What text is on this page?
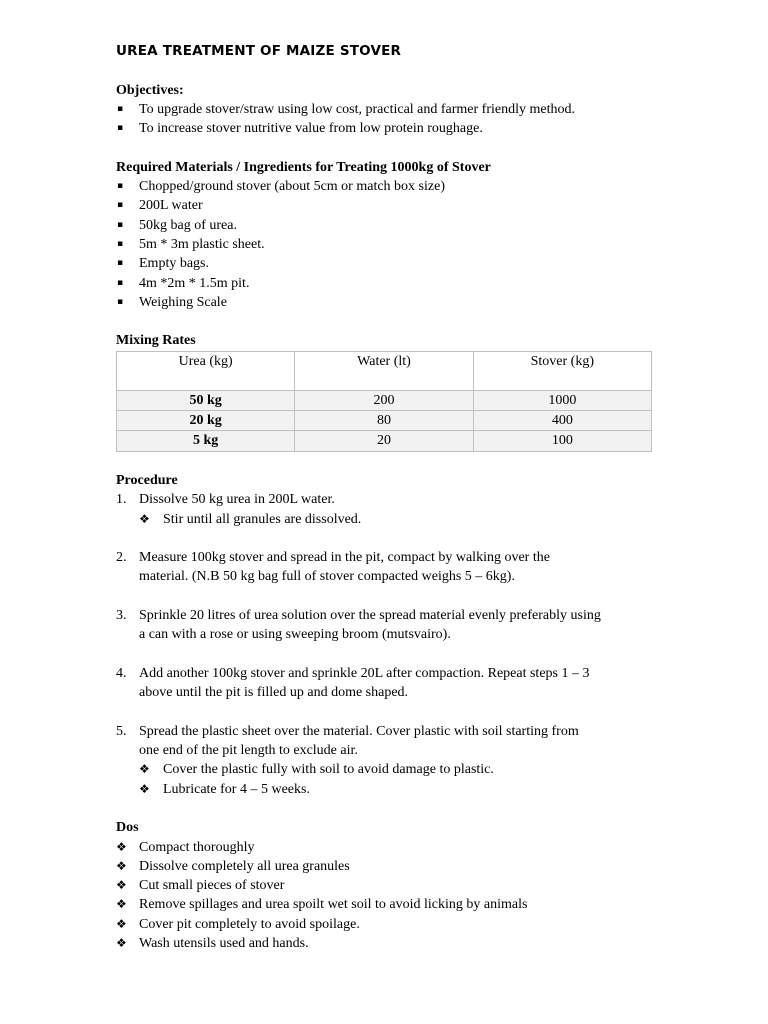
UREA TREATMENT OF MAIZE STOVER
Objectives:
▪ To upgrade stover/straw using low cost, practical and farmer friendly method.
▪ To increase stover nutritive value from low protein roughage.
Required Materials / Ingredients for Treating 1000kg of Stover
▪ Chopped/ground stover (about 5cm or match box size)
▪ 200L water
▪ 50kg bag of urea.
▪ 5m * 3m plastic sheet.
▪ Empty bags.
▪ 4m *2m * 1.5m pit.
▪ Weighing Scale
Mixing Rates
Urea (kg)	Water (lt)	Stover (kg)
50 kg	200	1000
20 kg	80	400
5 kg	20	100
Procedure
1. Dissolve 50 kg urea in 200L water.
❖ Stir until all granules are dissolved.
2. Measure 100kg stover and spread in the pit, compact by walking over the
material. (N.B 50 kg bag full of stover compacted weighs 5 – 6kg).
3. Sprinkle 20 litres of urea solution over the spread material evenly preferably using
a can with a rose or using sweeping broom (mutsvairo).
4. Add another 100kg stover and sprinkle 20L after compaction. Repeat steps 1 – 3
above until the pit is filled up and dome shaped.
5. Spread the plastic sheet over the material. Cover plastic with soil starting from
one end of the pit length to exclude air.
❖ Cover the plastic fully with soil to avoid damage to plastic.
❖ Lubricate for 4 – 5 weeks.
Dos
❖ Compact thoroughly
❖ Dissolve completely all urea granules
❖ Cut small pieces of stover
❖ Remove spillages and urea spoilt wet soil to avoid licking by animals
❖ Cover pit completely to avoid spoilage.
❖ Wash utensils used and hands.
